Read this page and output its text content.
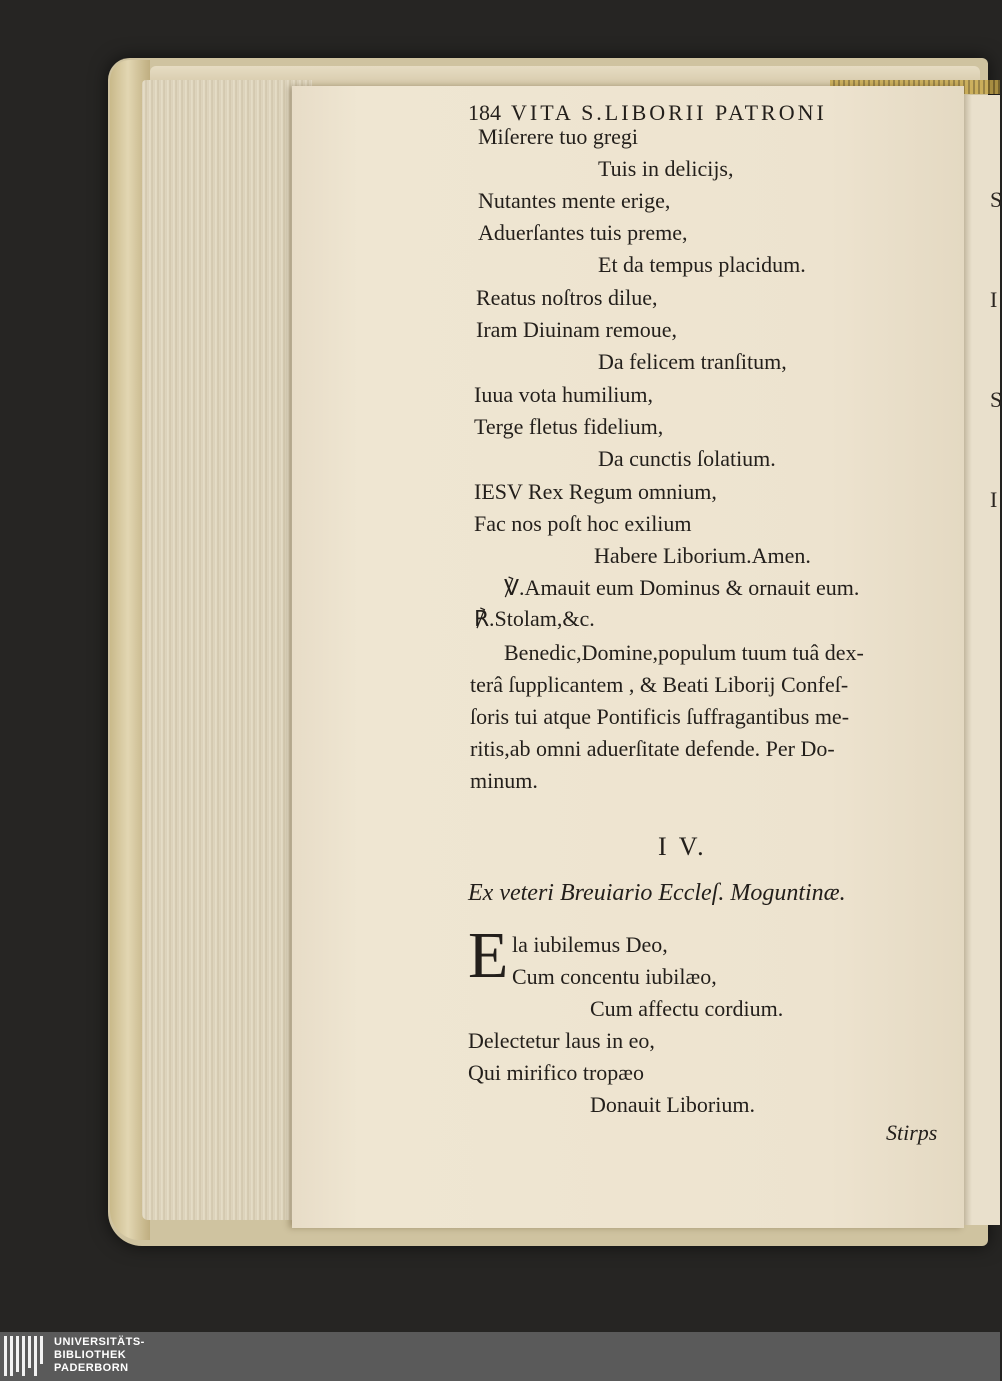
S
I
S
I
184 VITA S.LIBORII PATRONI
Miſerere tuo gregi
Tuis in delicijs,
Nutantes mente erige,
Aduerſantes tuis preme,
Et da tempus placidum.
Reatus noſtros dilue,
Iram Diuinam remoue,
Da felicem tranſitum,
Iuua vota humilium,
Terge fletus fidelium,
Da cunctis ſolatium.
IESV Rex Regum omnium,
Fac nos poſt hoc exilium
Habere Liborium.Amen.
℣.Amauit eum Dominus & ornauit eum.
℟.Stolam,&c.
Benedic,Domine,populum tuum tuâ dex-
terâ ſupplicantem , & Beati Liborij Confeſ-
ſoris tui atque Pontificis ſuffragantibus me-
ritis,ab omni aduerſitate defende. Per Do-
minum.
I V.
Ex veteri Breuiario Eccleſ. Moguntinæ.
E la iubilemus Deo,
Cum concentu iubilæo,
Cum affectu cordium.
Delectetur laus in eo,
Qui mirifico tropæo
Donauit Liborium.
Stirps
UNIVERSITÄTS-
BIBLIOTHEK
PADERBORN
